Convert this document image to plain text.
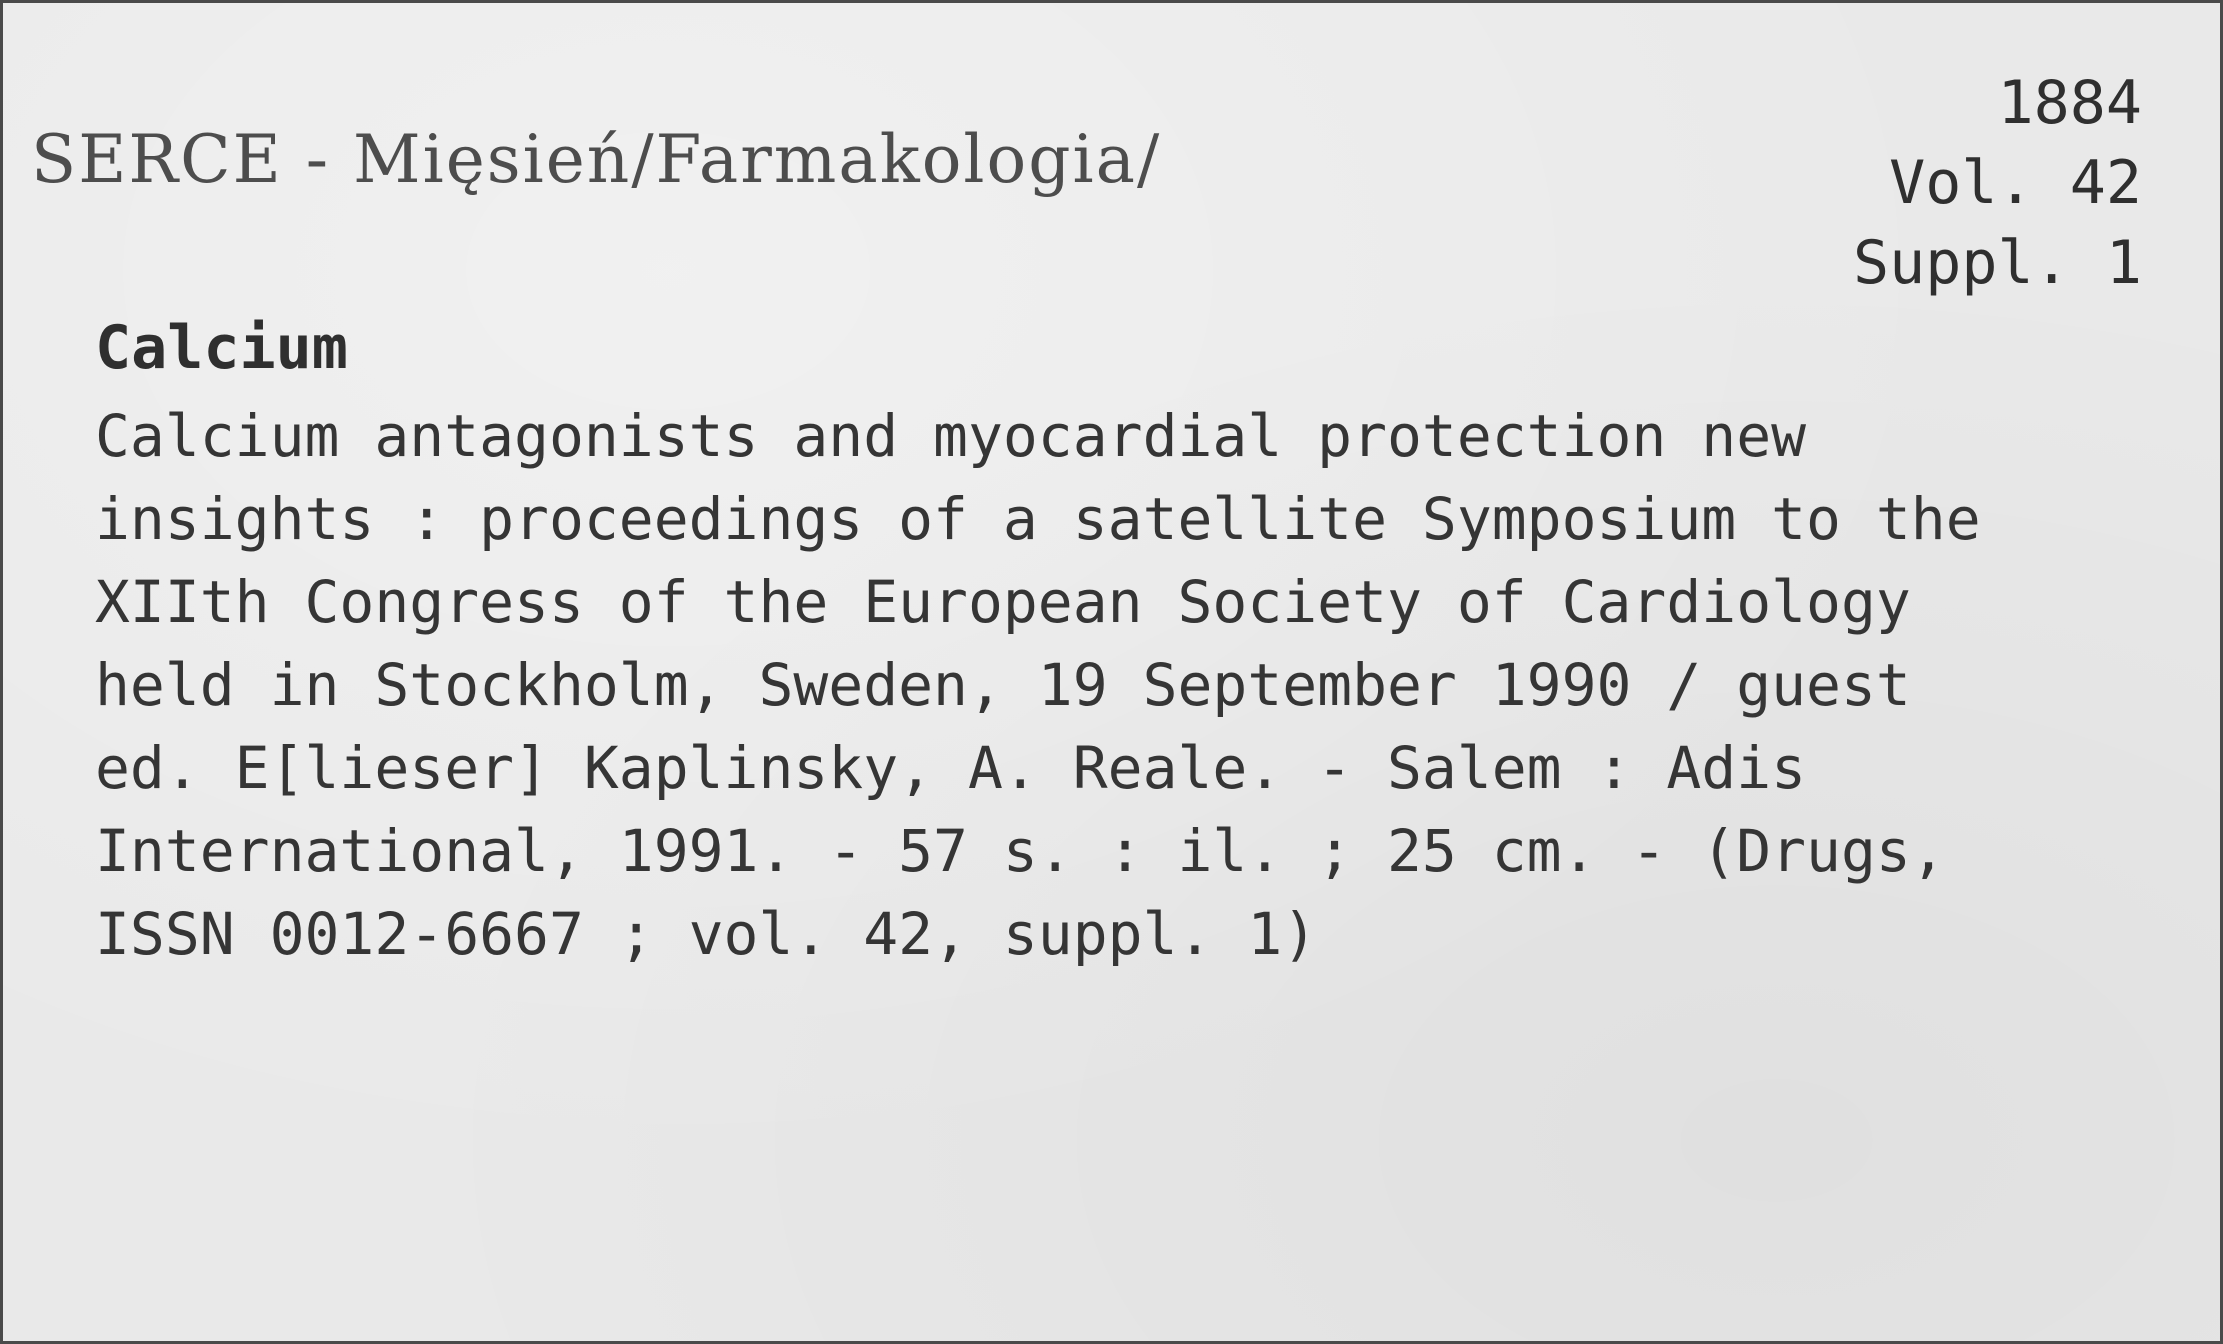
SERCE - Mięsień/Farmakologia/
1884
Vol. 42
Suppl. 1
Calcium
Calcium antagonists and myocardial protection new
insights : proceedings of a satellite Symposium to the
XIIth Congress of the European Society of Cardiology
held in Stockholm, Sweden, 19 September 1990 / guest
ed. E[lieser] Kaplinsky, A. Reale. - Salem : Adis
International, 1991. - 57 s. : il. ; 25 cm. - (Drugs,
ISSN 0012-6667 ; vol. 42, suppl. 1)
